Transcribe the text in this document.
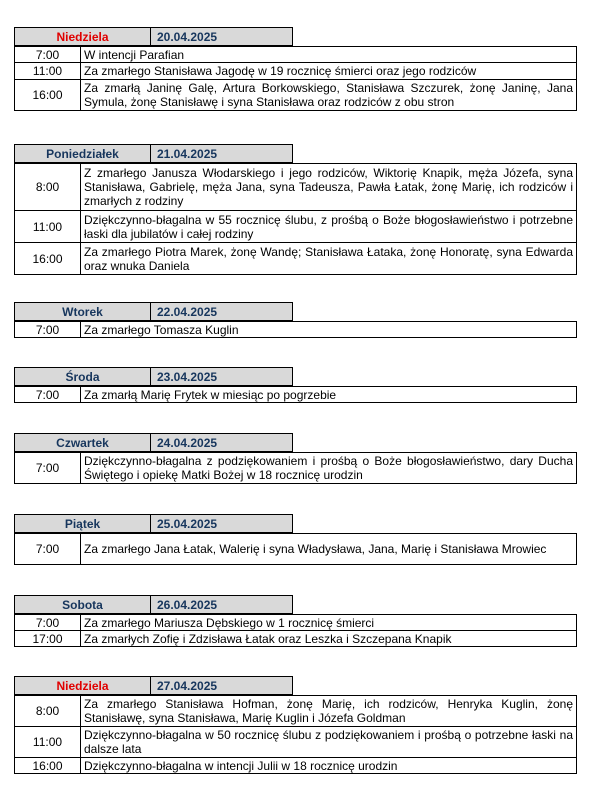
Niedziela	20.04.2025
7:00	W intencji Parafian
11:00	Za zmarłego Stanisława Jagodę w 19 rocznicę śmierci oraz jego rodziców
16:00	Za zmarłą Janinę Galę, Artura Borkowskiego, Stanisława Szczurek, żonę Janinę, Jana Symula, żonę Stanisławę i syna Stanisława oraz rodziców z obu stron
Poniedziałek	21.04.2025
8:00	Z zmarłego Janusza Włodarskiego i jego rodziców, Wiktorię Knapik, męża Józefa, syna Stanisława, Gabrielę, męża Jana, syna Tadeusza, Pawła Łatak, żonę Marię, ich rodziców i zmarłych z rodziny
11:00	Dziękczynno-błagalna w 55 rocznicę ślubu, z prośbą o Boże błogosławieństwo i potrzebne łaski dla jubilatów i całej rodziny
16:00	Za zmarłego Piotra Marek, żonę Wandę; Stanisława Łataka, żonę Honoratę, syna Edwarda oraz wnuka Daniela
Wtorek	22.04.2025
7:00	Za zmarłego Tomasza Kuglin
Środa	23.04.2025
7:00	Za zmarłą Marię Frytek w miesiąc po pogrzebie
Czwartek	24.04.2025
7:00	Dziękczynno-błagalna z podziękowaniem i prośbą o Boże błogosławieństwo, dary Ducha Świętego i opiekę Matki Bożej w 18 rocznicę urodzin
Piątek	25.04.2025
7:00	Za zmarłego Jana Łatak, Walerię i syna Władysława, Jana, Marię i Stanisława Mrowiec
Sobota	26.04.2025
7:00	Za zmarłego Mariusza Dębskiego w 1 rocznicę śmierci
17:00	Za zmarłych Zofię i Zdzisława Łatak oraz Leszka i Szczepana Knapik
Niedziela	27.04.2025
8:00	Za zmarłego Stanisława Hofman, żonę Marię, ich rodziców, Henryka Kuglin, żonę Stanisławę, syna Stanisława, Marię Kuglin i Józefa Goldman
11:00	Dziękczynno-błagalna w 50 rocznicę ślubu z podziękowaniem i prośbą o potrzebne łaski na dalsze lata
16:00	Dziękczynno-błagalna w intencji Julii w 18 rocznicę urodzin
